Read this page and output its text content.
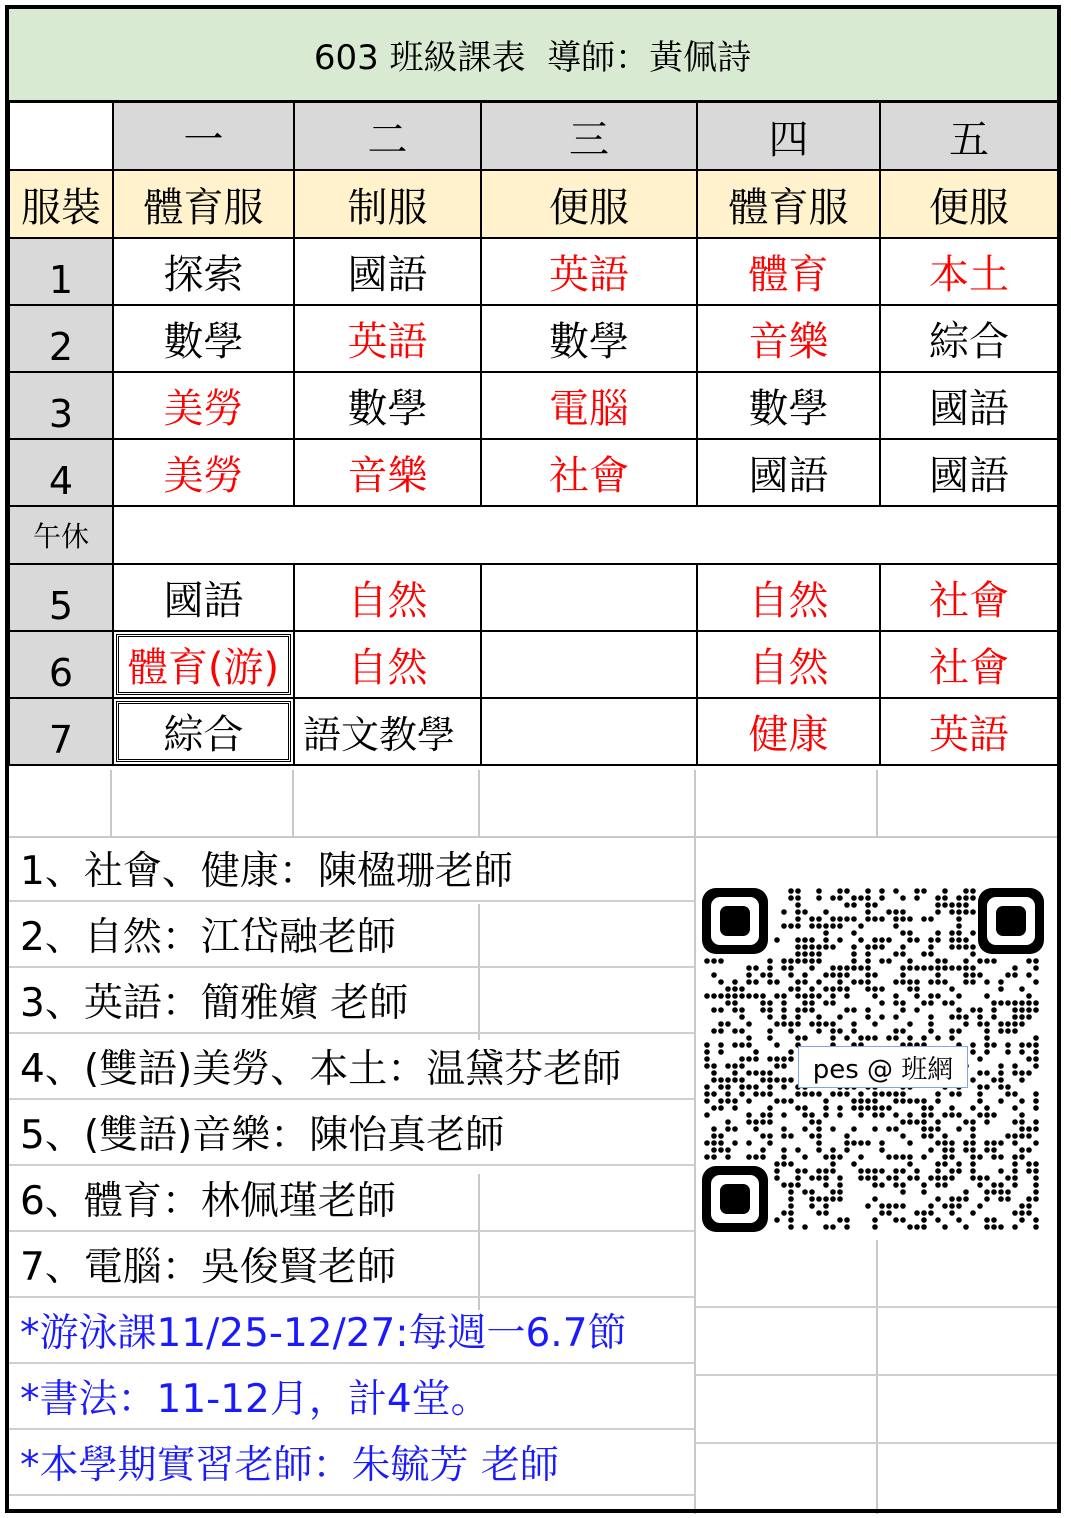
603 班級課表  導師：黃佩詩
	一	二	三	四	五
服裝	體育服	制服	便服	體育服	便服
1	探索	國語	英語	體育	本土
2	數學	英語	數學	音樂	綜合
3	美勞	數學	電腦	數學	國語
4	美勞	音樂	社會	國語	國語
午休					
5	國語	自然		自然	社會
6	體育(游)	自然		自然	社會
7	綜合	語文教學		健康	英語
1、社會、健康：陳楹珊老師
2、自然：江岱融老師
3、英語：簡雅嬪 老師
4、(雙語)美勞、本土：温黛芬老師
5、(雙語)音樂：陳怡真老師
6、體育：林佩瑾老師
7、電腦：吳俊賢老師
*游泳課11/25-12/27:每週一6.7節
*書法：11-12月，計4堂。
*本學期實習老師：朱毓芳 老師
pes @ 班網
